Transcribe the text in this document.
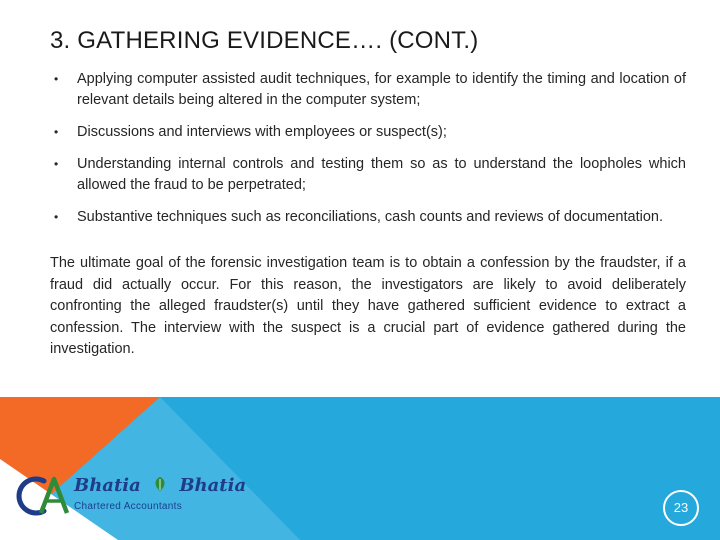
3. GATHERING EVIDENCE…. (CONT.)
• Applying computer assisted audit techniques, for example to identify the timing and location of relevant details being altered in the computer system;
• Discussions and interviews with employees or suspect(s);
• Understanding internal controls and testing them so as to understand the loopholes which allowed the fraud to be perpetrated;
• Substantive techniques such as reconciliations, cash counts and reviews of documentation.

The ultimate goal of the forensic investigation team is to obtain a confession by the fraudster, if a fraud did actually occur. For this reason, the investigators are likely to avoid deliberately confronting the alleged fraudster(s) until they have gathered sufficient evidence to extract a confession. The interview with the suspect is a crucial part of evidence gathered during the investigation.

Bhatia Bhatia
Chartered Accountants	23
